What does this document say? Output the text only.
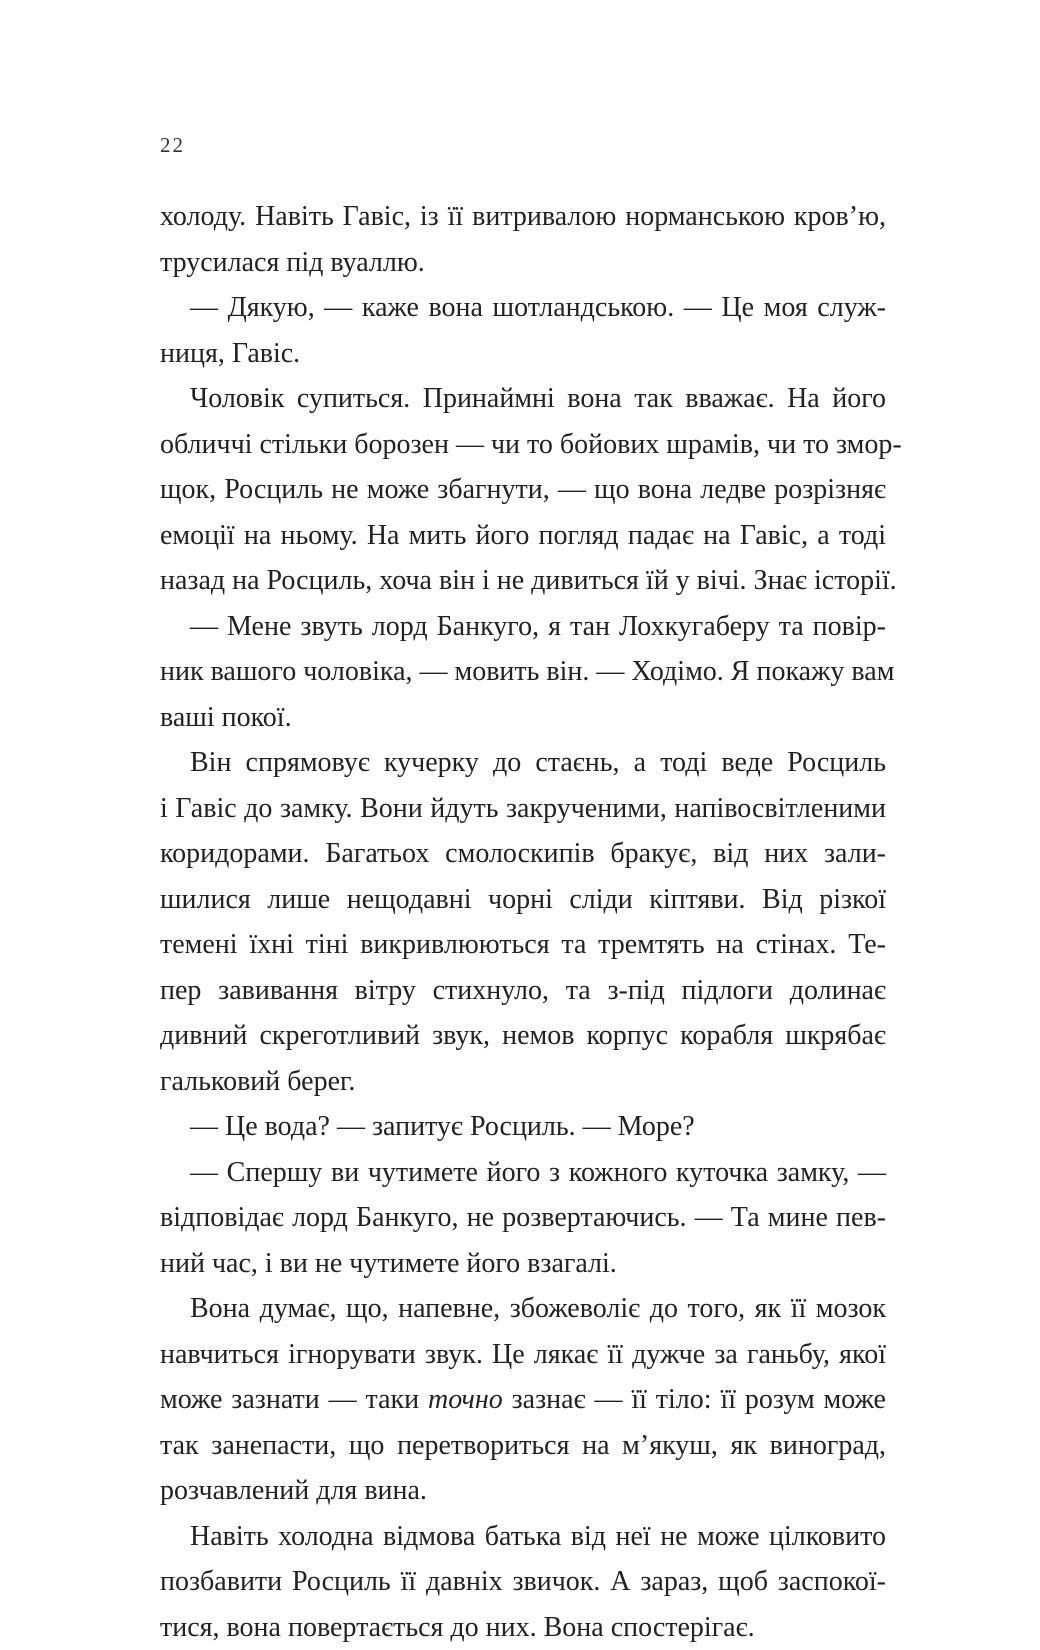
22
холоду. Навіть Гавіс, із її витривалою норманською кров’ю,
трусилася під вуаллю.
— Дякую, — каже вона шотландською. — Це моя служ-
ниця, Гавіс.
Чоловік супиться. Принаймні вона так вважає. На його
обличчі стільки борозен — чи то бойових шрамів, чи то змор-
щок, Росциль не може збагнути, — що вона ледве розрізняє
емоції на ньому. На мить його погляд падає на Гавіс, а тоді
назад на Росциль, хоча він і не дивиться їй у вічі. Знає історії.
— Мене звуть лорд Банкуго, я тан Лохкугаберу та повір-
ник вашого чоловіка, — мовить він. — Ходімо. Я покажу вам
ваші покої.
Він спрямовує кучерку до стаєнь, а тоді веде Росциль
і Гавіс до замку. Вони йдуть закрученими, напівосвітленими
коридорами. Багатьох смолоскипів бракує, від них зали-
шилися лише нещодавні чорні сліди кіптяви. Від різкої
темені їхні тіні викривлюються та тремтять на стінах. Те-
пер завивання вітру стихнуло, та з-під підлоги долинає
дивний скреготливий звук, немов корпус корабля шкрябає
гальковий берег.
— Це вода? — запитує Росциль. — Море?
— Спершу ви чутимете його з кожного куточка замку, —
відповідає лорд Банкуго, не розвертаючись. — Та мине пев-
ний час, і ви не чутимете його взагалі.
Вона думає, що, напевне, збожеволіє до того, як її мозок
навчиться ігнорувати звук. Це лякає її дужче за ганьбу, якої
може зазнати — таки точно зазнає — її тіло: її розум може
так занепасти, що перетвориться на м’якуш, як виноград,
розчавлений для вина.
Навіть холодна відмова батька від неї не може цілковито
позбавити Росциль її давніх звичок. А зараз, щоб заспокої-
тися, вона повертається до них. Вона спостерігає.
